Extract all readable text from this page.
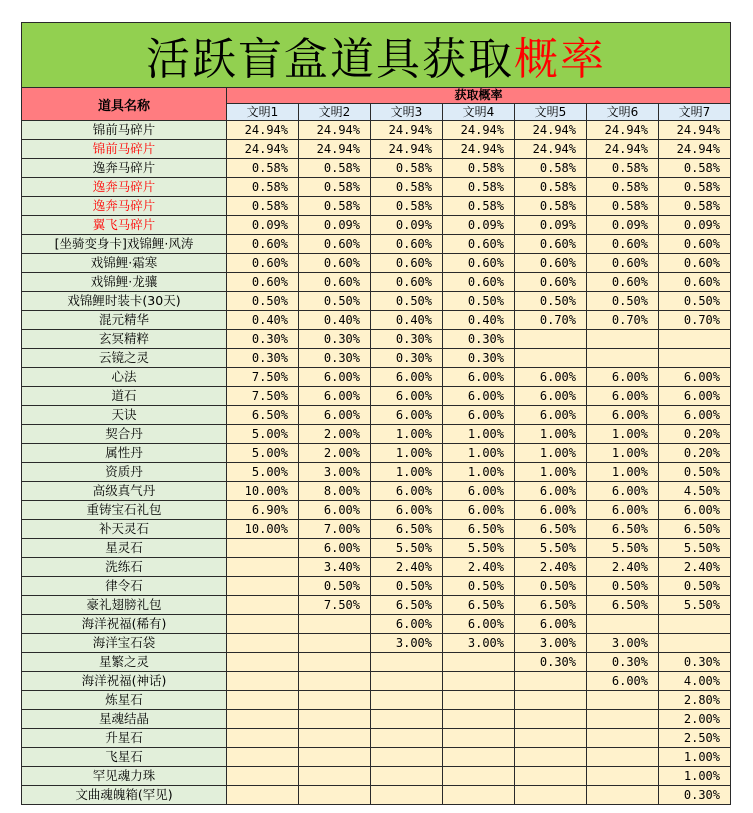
活跃盲盒道具获取概率							
道具名称	获取概率						
	文明1	文明2	文明3	文明4	文明5	文明6	文明7
锦前马碎片	24.94%	24.94%	24.94%	24.94%	24.94%	24.94%	24.94%
锦前马碎片	24.94%	24.94%	24.94%	24.94%	24.94%	24.94%	24.94%
逸奔马碎片	0.58%	0.58%	0.58%	0.58%	0.58%	0.58%	0.58%
逸奔马碎片	0.58%	0.58%	0.58%	0.58%	0.58%	0.58%	0.58%
逸奔马碎片	0.58%	0.58%	0.58%	0.58%	0.58%	0.58%	0.58%
翼飞马碎片	0.09%	0.09%	0.09%	0.09%	0.09%	0.09%	0.09%
[坐骑变身卡]戏锦鲤·风涛	0.60%	0.60%	0.60%	0.60%	0.60%	0.60%	0.60%
戏锦鲤·霜寒	0.60%	0.60%	0.60%	0.60%	0.60%	0.60%	0.60%
戏锦鲤·龙骧	0.60%	0.60%	0.60%	0.60%	0.60%	0.60%	0.60%
戏锦鲤时装卡(30天)	0.50%	0.50%	0.50%	0.50%	0.50%	0.50%	0.50%
混元精华	0.40%	0.40%	0.40%	0.40%	0.70%	0.70%	0.70%
玄冥精粹	0.30%	0.30%	0.30%	0.30%			
云镜之灵	0.30%	0.30%	0.30%	0.30%			
心法	7.50%	6.00%	6.00%	6.00%	6.00%	6.00%	6.00%
道石	7.50%	6.00%	6.00%	6.00%	6.00%	6.00%	6.00%
天诀	6.50%	6.00%	6.00%	6.00%	6.00%	6.00%	6.00%
契合丹	5.00%	2.00%	1.00%	1.00%	1.00%	1.00%	0.20%
属性丹	5.00%	2.00%	1.00%	1.00%	1.00%	1.00%	0.20%
资质丹	5.00%	3.00%	1.00%	1.00%	1.00%	1.00%	0.50%
高级真气丹	10.00%	8.00%	6.00%	6.00%	6.00%	6.00%	4.50%
重铸宝石礼包	6.90%	6.00%	6.00%	6.00%	6.00%	6.00%	6.00%
补天灵石	10.00%	7.00%	6.50%	6.50%	6.50%	6.50%	6.50%
星灵石		6.00%	5.50%	5.50%	5.50%	5.50%	5.50%
洗练石		3.40%	2.40%	2.40%	2.40%	2.40%	2.40%
律令石		0.50%	0.50%	0.50%	0.50%	0.50%	0.50%
豪礼翅膀礼包		7.50%	6.50%	6.50%	6.50%	6.50%	5.50%
海洋祝福(稀有)			6.00%	6.00%	6.00%		
海洋宝石袋			3.00%	3.00%	3.00%	3.00%	
星繁之灵					0.30%	0.30%	0.30%
海洋祝福(神话)						6.00%	4.00%
炼星石							2.80%
星魂结晶							2.00%
升星石							2.50%
飞星石							1.00%
罕见魂力珠							1.00%
文曲魂魄箱(罕见)							0.30%
